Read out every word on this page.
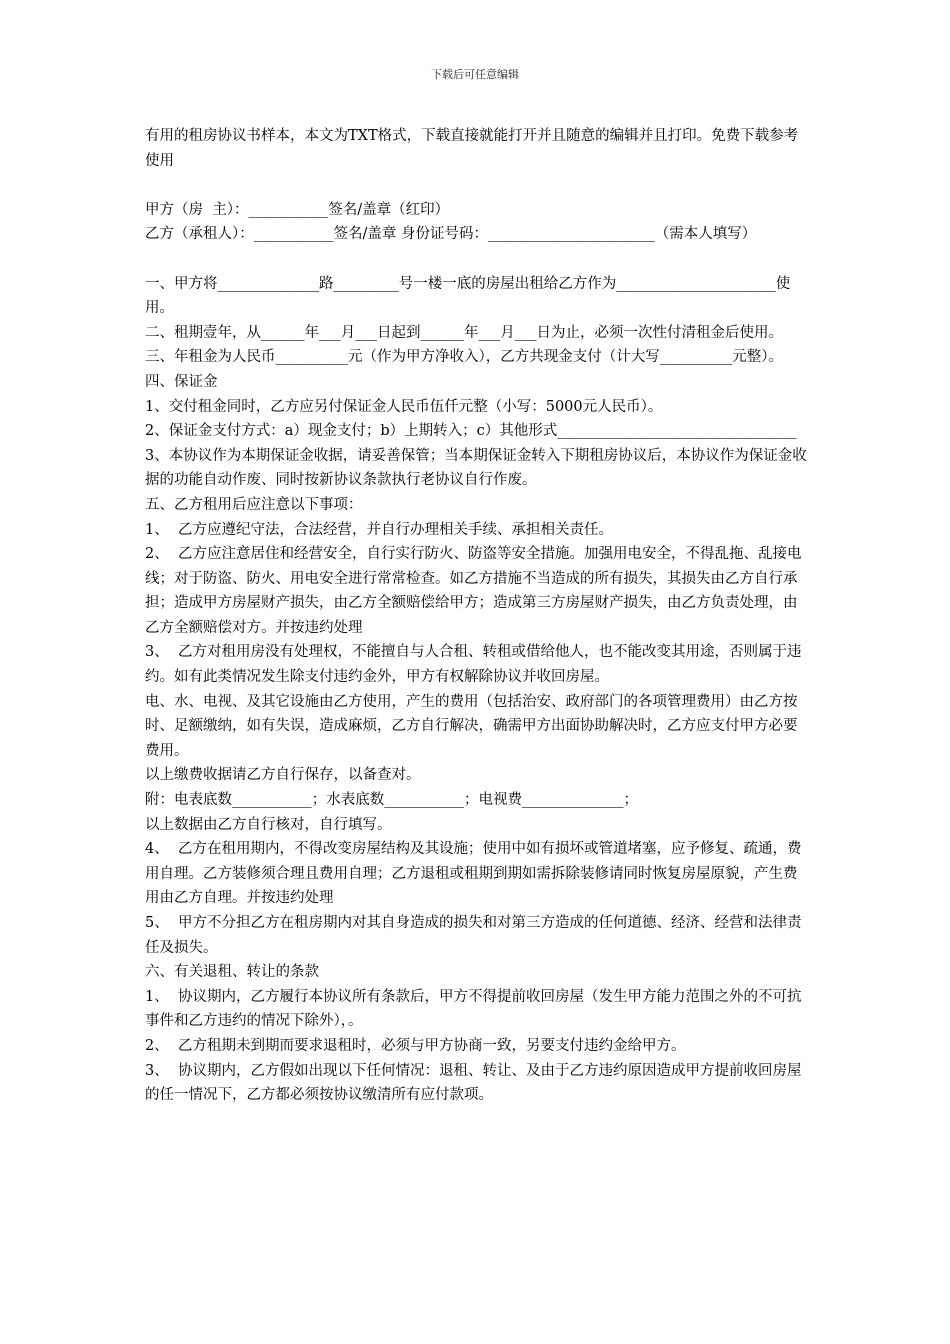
下载后可任意编辑

有用的租房协议书样本，本文为TXT格式，下载直接就能打开并且随意的编辑并且打印。免费下载参考使用

甲方（房  主）：___________签名/盖章（红印）

乙方（承租人）：___________签名/盖章 身份证号码：_______________________（需本人填写）

一、甲方将______________路_________号一楼一底的房屋出租给乙方作为______________________使用。

二、租期壹年，从______年___月___日起到______年___月___日为止，必须一次性付清租金后使用。

三、年租金为人民币__________元（作为甲方净收入），乙方共现金支付（计大写__________元整）。

四、保证金

1、交付租金同时，乙方应另付保证金人民币伍仟元整（小写：5000元人民币）。

2、保证金支付方式：a）现金支付；b）上期转入；c）其他形式_________________________________

3、本协议作为本期保证金收据，请妥善保管；当本期保证金转入下期租房协议后，本协议作为保证金收据的功能自动作废、同时按新协议条款执行老协议自行作废。

五、乙方租用后应注意以下事项：

1、  乙方应遵纪守法，合法经营，并自行办理相关手续、承担相关责任。

2、  乙方应注意居住和经营安全，自行实行防火、防盗等安全措施。加强用电安全，不得乱拖、乱接电线；对于防盗、防火、用电安全进行常常检查。如乙方措施不当造成的所有损失，其损失由乙方自行承担；造成甲方房屋财产损失，由乙方全额赔偿给甲方；造成第三方房屋财产损失，由乙方负责处理，由乙方全额赔偿对方。并按违约处理

3、  乙方对租用房没有处理权，不能擅自与人合租、转租或借给他人，也不能改变其用途，否则属于违约。如有此类情况发生除支付违约金外，甲方有权解除协议并收回房屋。

电、水、电视、及其它设施由乙方使用，产生的费用（包括治安、政府部门的各项管理费用）由乙方按时、足额缴纳，如有失误，造成麻烦，乙方自行解决，确需甲方出面协助解决时，乙方应支付甲方必要费用。

以上缴费收据请乙方自行保存，以备查对。

附：电表底数___________；水表底数___________；电视费______________；

以上数据由乙方自行核对，自行填写。

4、  乙方在租用期内，不得改变房屋结构及其设施；使用中如有损坏或管道堵塞，应予修复、疏通，费用自理。乙方装修须合理且费用自理；乙方退租或租期到期如需拆除装修请同时恢复房屋原貌，产生费用由乙方自理。并按违约处理

5、  甲方不分担乙方在租房期内对其自身造成的损失和对第三方造成的任何道德、经济、经营和法律责任及损失。

六、有关退租、转让的条款

1、  协议期内，乙方履行本协议所有条款后，甲方不得提前收回房屋（发生甲方能力范围之外的不可抗事件和乙方违约的情况下除外），。

2、  乙方租期未到期而要求退租时，必须与甲方协商一致，另要支付违约金给甲方。

3、  协议期内，乙方假如出现以下任何情况：退租、转让、及由于乙方违约原因造成甲方提前收回房屋的任一情况下，乙方都必须按协议缴清所有应付款项。
